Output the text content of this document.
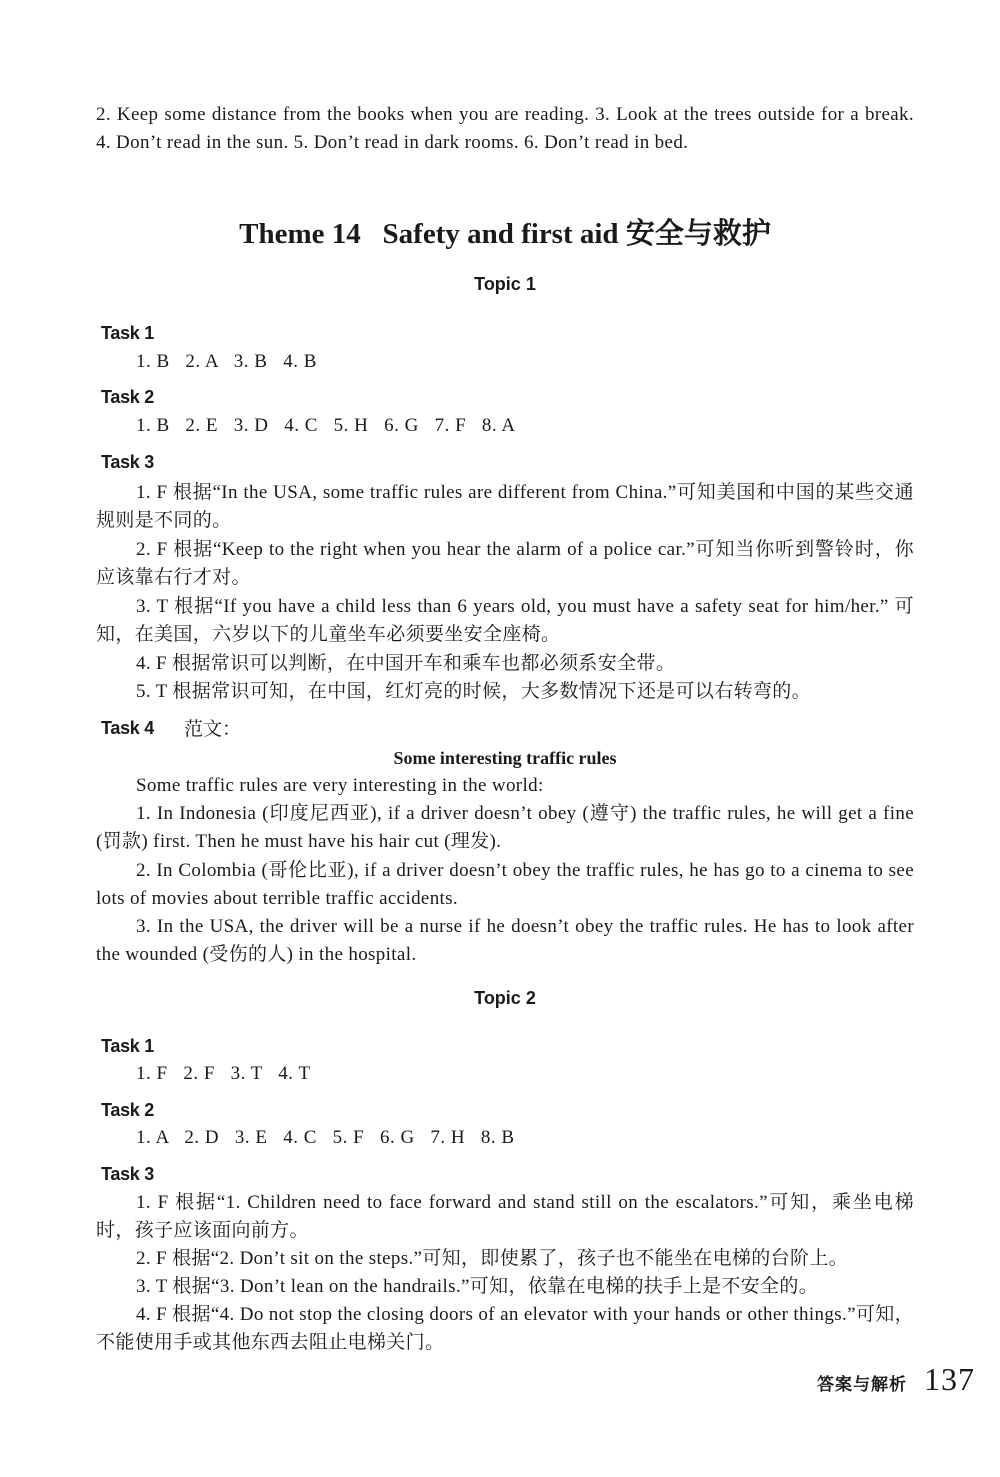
2. Keep some distance from the books when you are reading. 3. Look at the trees outside for a break. 4. Don’t read in the sun. 5. Don’t read in dark rooms. 6. Don’t read in bed.

Theme 14   Safety and first aid 安全与救护
Topic 1
Task 1

1. B   2. A   3. B   4. B

Task 2

1. B   2. E   3. D   4. C   5. H   6. G   7. F   8. A

Task 3

1. F 根据“In the USA, some traffic rules are different from China.”可知美国和中国的某些交通规则是不同的。

2. F 根据“Keep to the right when you hear the alarm of a police car.”可知当你听到警铃时，你应该靠右行才对。

3. T 根据“If you have a child less than 6 years old, you must have a safety seat for him/her.” 可知，在美国，六岁以下的儿童坐车必须要坐安全座椅。

4. F 根据常识可以判断，在中国开车和乘车也都必须系安全带。

5. T 根据常识可知，在中国，红灯亮的时候，大多数情况下还是可以右转弯的。

Task 4 范文：
Some interesting traffic rules

Some traffic rules are very interesting in the world:

1. In Indonesia (印度尼西亚), if a driver doesn’t obey (遵守) the traffic rules, he will get a fine (罚款) first. Then he must have his hair cut (理发).

2. In Colombia (哥伦比亚), if a driver doesn’t obey the traffic rules, he has go to a cinema to see lots of movies about terrible traffic accidents.

3. In the USA, the driver will be a nurse if he doesn’t obey the traffic rules. He has to look after the wounded (受伤的人) in the hospital.

Topic 2
Task 1

1. F   2. F   3. T   4. T

Task 2

1. A   2. D   3. E   4. C   5. F   6. G   7. H   8. B

Task 3

1. F 根据“1. Children need to face forward and stand still on the escalators.”可知，乘坐电梯时，孩子应该面向前方。

2. F 根据“2. Don’t sit on the steps.”可知，即使累了，孩子也不能坐在电梯的台阶上。

3. T 根据“3. Don’t lean on the handrails.”可知，依靠在电梯的扶手上是不安全的。

4. F 根据“4. Do not stop the closing doors of an elevator with your hands or other things.”可知，不能使用手或其他东西去阻止电梯关门。

答案与解析 137
